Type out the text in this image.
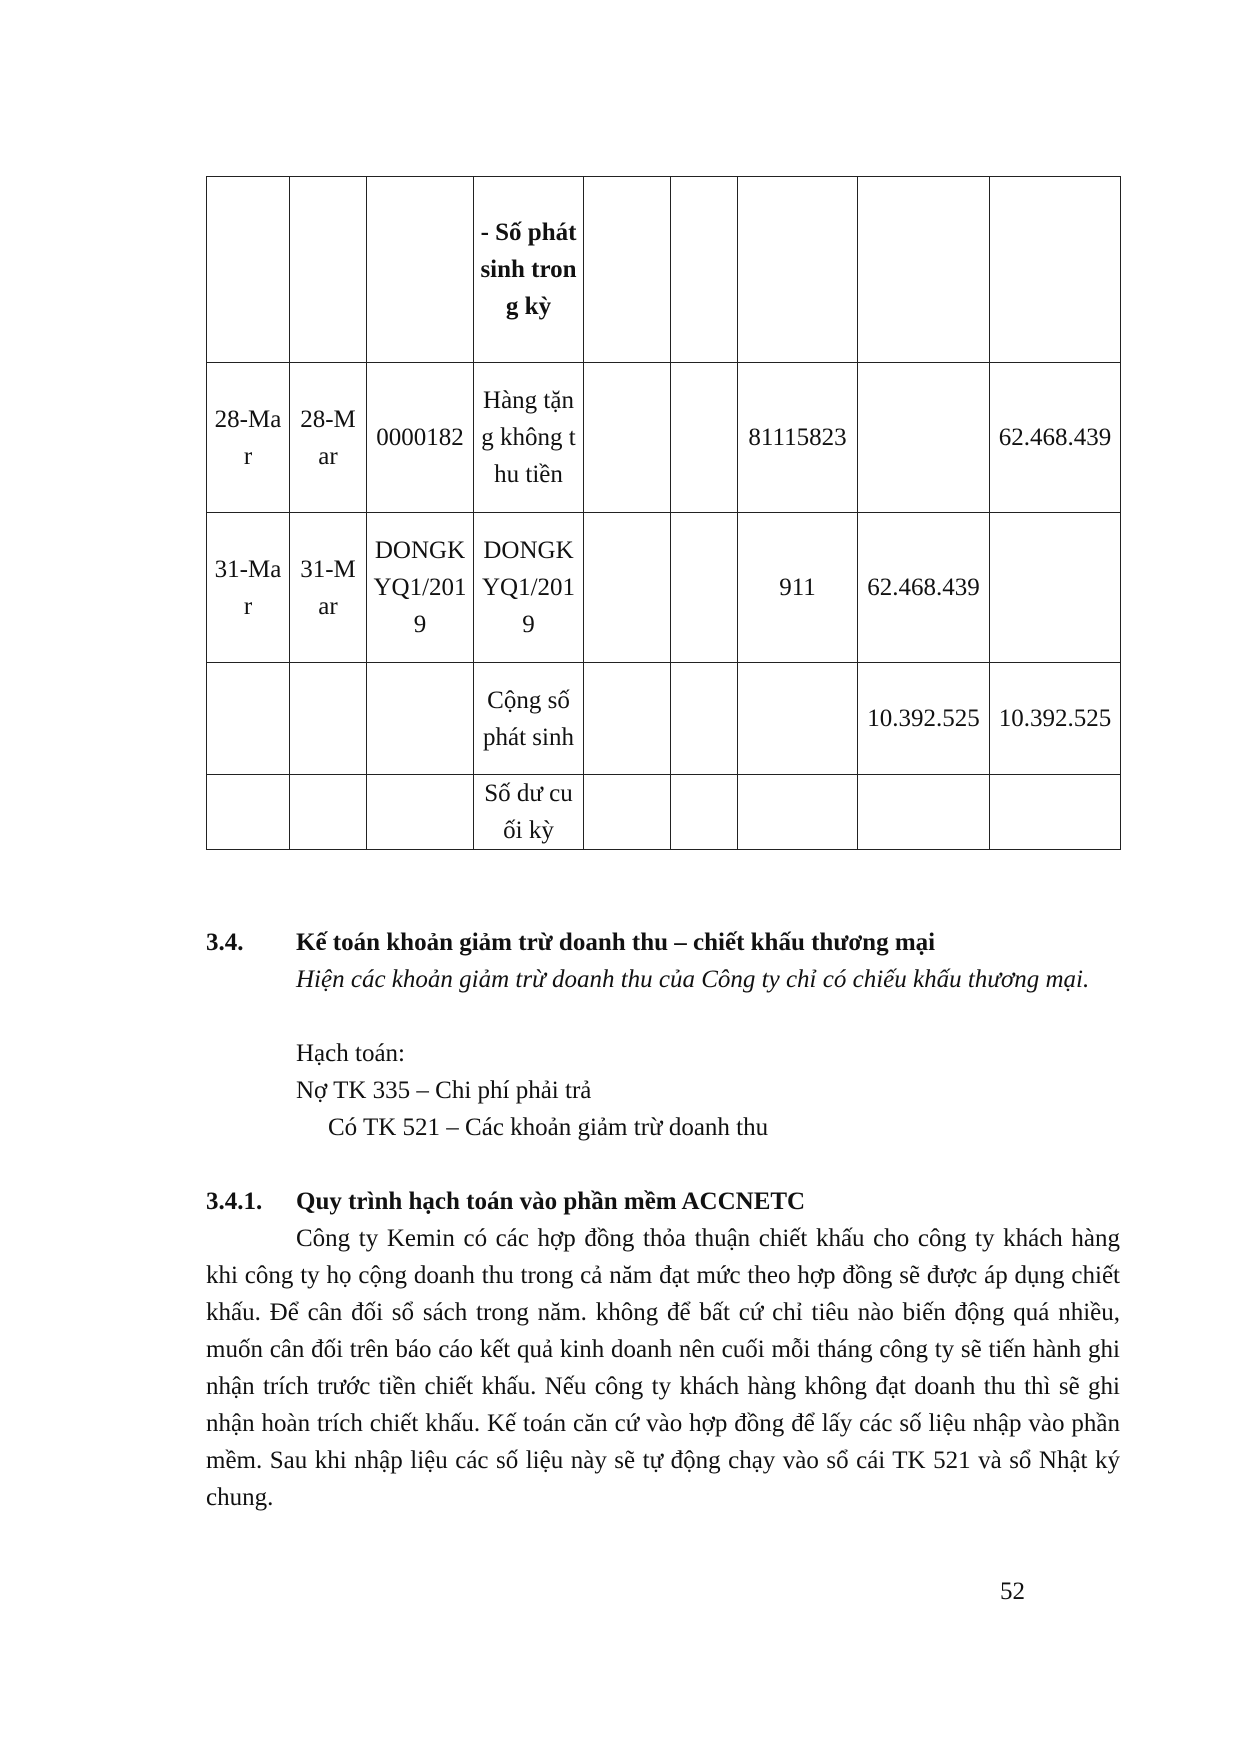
			- Số phát sinh trong kỳ					
28-Mar	28-Mar	0000182	Hàng tặng không thu tiền			81115823		62.468.439
31-Mar	31-Mar	DONGKYQ1/2019	DONGKYQ1/2019			911	62.468.439	
			Cộng số phát sinh				10.392.525	10.392.525
			Số dư cuối kỳ					
3.4. Kế toán khoản giảm trừ doanh thu – chiết khấu thương mại
Hiện các khoản giảm trừ doanh thu của Công ty chỉ có chiếu khấu thương mại.
Hạch toán:
Nợ TK 335 – Chi phí phải trả
Có TK 521 – Các khoản giảm trừ doanh thu
3.4.1. Quy trình hạch toán vào phần mềm ACCNETC
Công ty Kemin có các hợp đồng thỏa thuận chiết khấu cho công ty khách hàng khi công ty họ cộng doanh thu trong cả năm đạt mức theo hợp đồng sẽ được áp dụng chiết khấu. Để cân đối sổ sách trong năm. không để bất cứ chỉ tiêu nào biến động quá nhiều, muốn cân đối trên báo cáo kết quả kinh doanh nên cuối mỗi tháng công ty sẽ tiến hành ghi nhận trích trước tiền chiết khấu. Nếu công ty khách hàng không đạt doanh thu thì sẽ ghi nhận hoàn trích chiết khấu. Kế toán căn cứ vào hợp đồng để lấy các số liệu nhập vào phần mềm. Sau khi nhập liệu các số liệu này sẽ tự động chạy vào sổ cái TK 521 và sổ Nhật ký chung.
52
